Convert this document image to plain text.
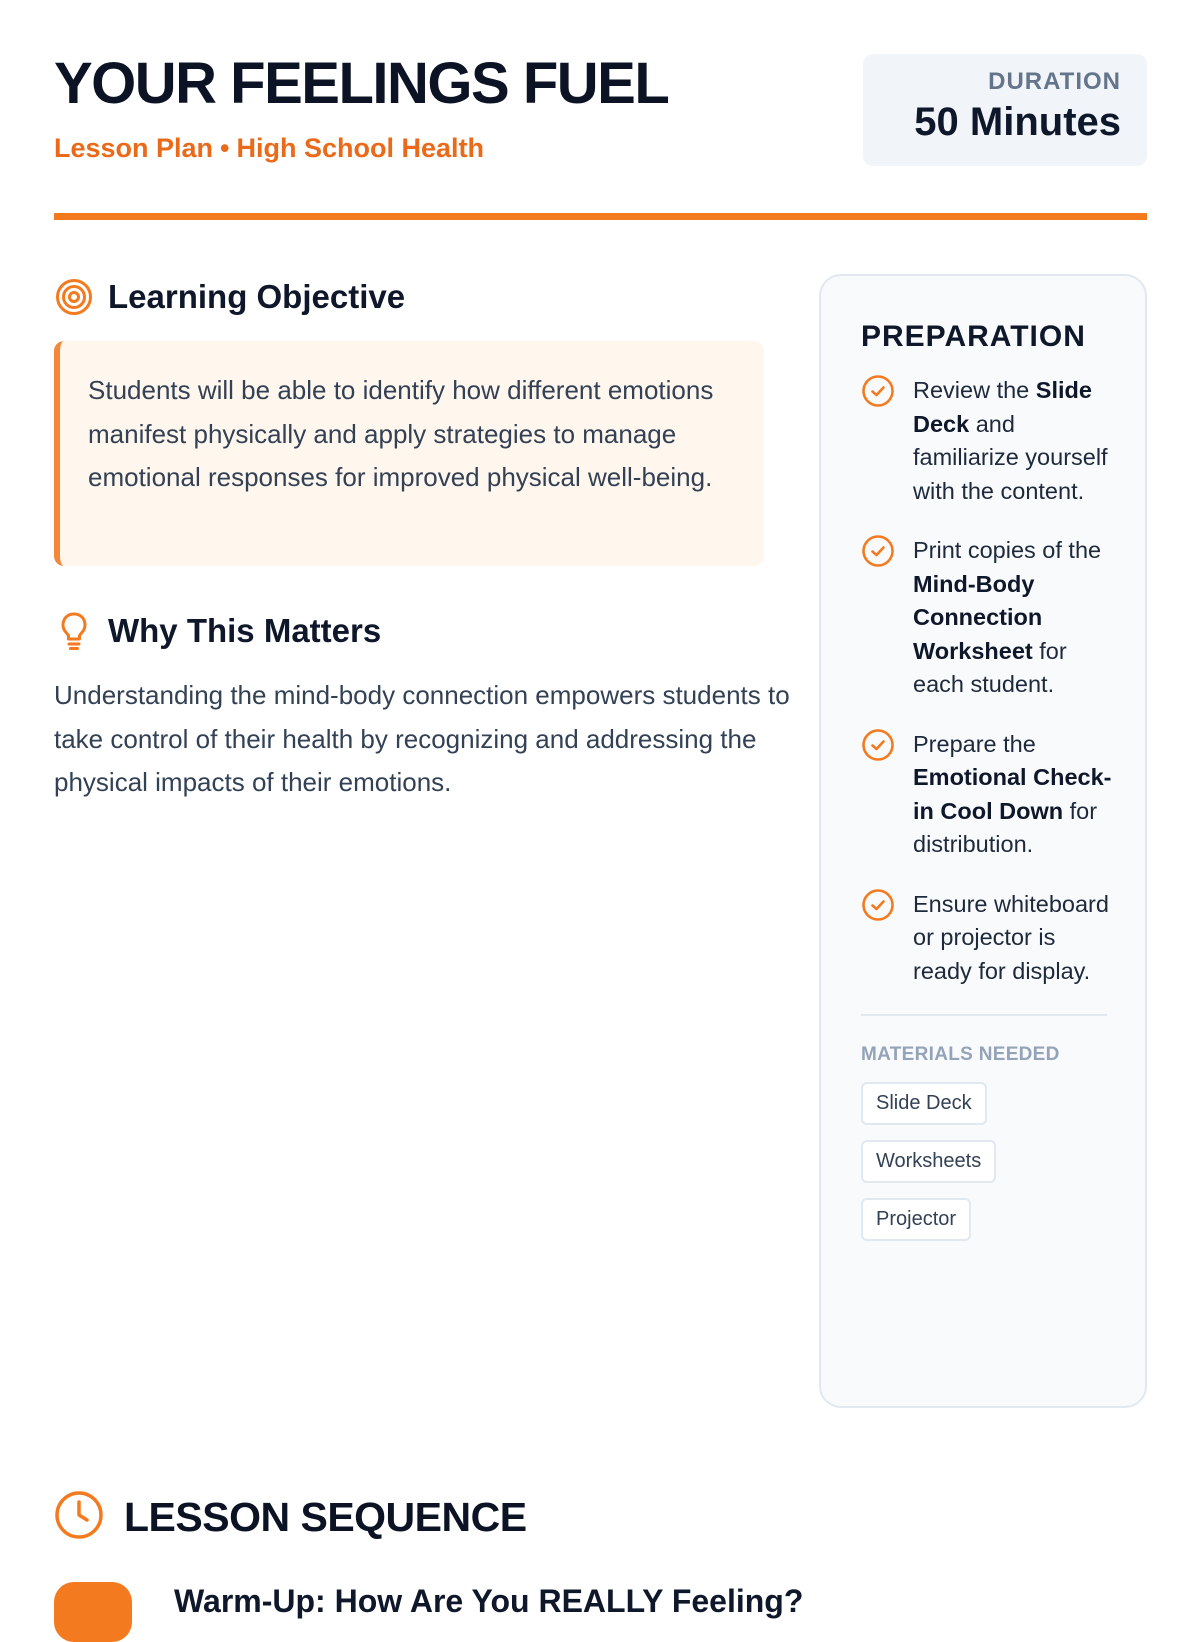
YOUR FEELINGS FUEL
Lesson Plan • High School Health
DURATION
50 Minutes
Learning Objective

Students will be able to identify how different emotions manifest physically and apply strategies to manage emotional responses for improved physical well-being.

Why This Matters

Understanding the mind-body connection empowers students to take control of their health by recognizing and addressing the physical impacts of their emotions.

PREPARATION
Review the Slide Deck and familiarize yourself with the content.
Print copies of the Mind-Body Connection Worksheet for each student.
Prepare the Emotional Check-in Cool Down for distribution.
Ensure whiteboard or projector is ready for display.
MATERIALS NEEDED
Slide Deck
Worksheets
Projector
LESSON SEQUENCE
Warm-Up: How Are You REALLY Feeling?
